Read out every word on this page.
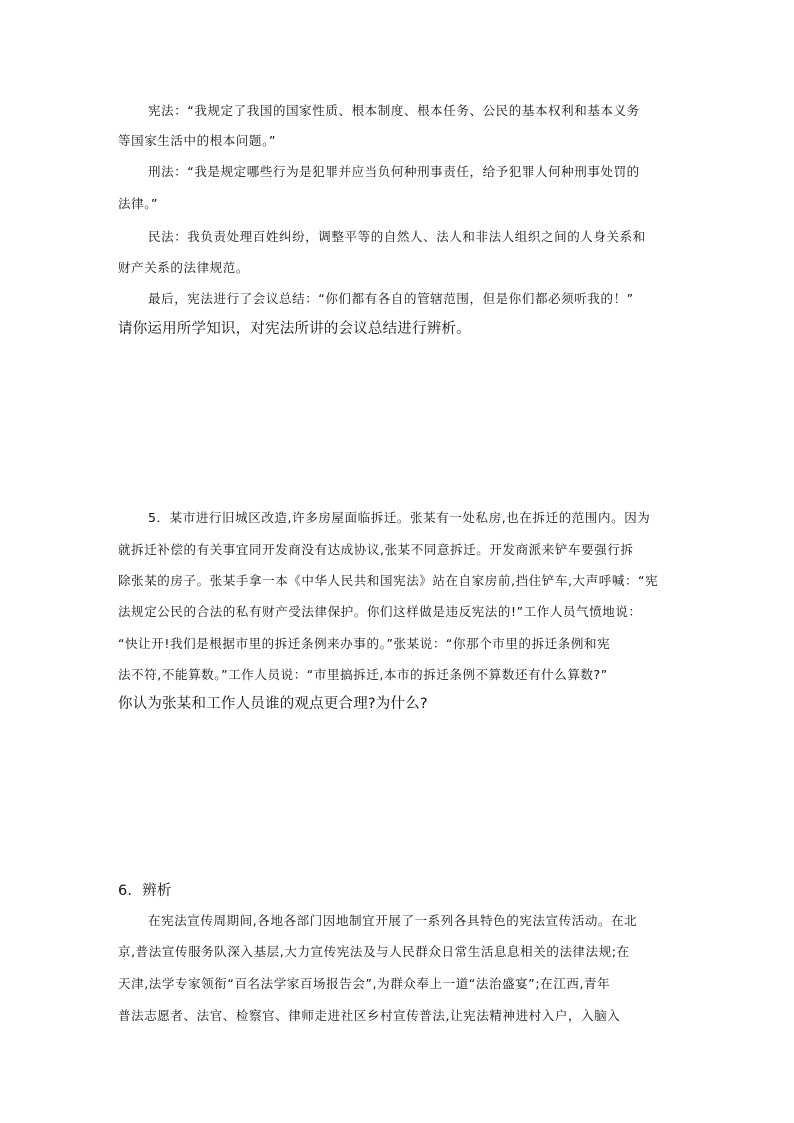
宪法：“我规定了我国的国家性质、根本制度、根本任务、公民的基本权利和基本义务
等国家生活中的根本问题。”
刑法：“我是规定哪些行为是犯罪并应当负何种刑事责任，给予犯罪人何种刑事处罚的
法律。”
民法：我负责处理百姓纠纷，调整平等的自然人、法人和非法人组织之间的人身关系和
财产关系的法律规范。
最后，宪法进行了会议总结：“你们都有各自的管辖范围，但是你们都必须听我的！”
请你运用所学知识，对宪法所讲的会议总结进行辨析。
5．某市进行旧城区改造,许多房屋面临拆迁。张某有一处私房,也在拆迁的范围内。因为
就拆迁补偿的有关事宜同开发商没有达成协议,张某不同意拆迁。开发商派来铲车要强行拆
除张某的房子。张某手拿一本《中华人民共和国宪法》站在自家房前,挡住铲车,大声呼喊：“宪
法规定公民的合法的私有财产受法律保护。你们这样做是违反宪法的!”工作人员气愤地说：
“快让开!我们是根据市里的拆迁条例来办事的。”张某说：“你那个市里的拆迁条例和宪
法不符,不能算数。”工作人员说：“市里搞拆迁,本市的拆迁条例不算数还有什么算数?”
你认为张某和工作人员谁的观点更合理?为什么?
6．辨析
在宪法宣传周期间,各地各部门因地制宜开展了一系列各具特色的宪法宣传活动。在北
京,普法宣传服务队深入基层,大力宣传宪法及与人民群众日常生活息息相关的法律法规;在
天津,法学专家领衔“百名法学家百场报告会”,为群众奉上一道“法治盛宴”;在江西,青年
普法志愿者、法官、检察官、律师走进社区乡村宣传普法,让宪法精神进村入户，入脑入
